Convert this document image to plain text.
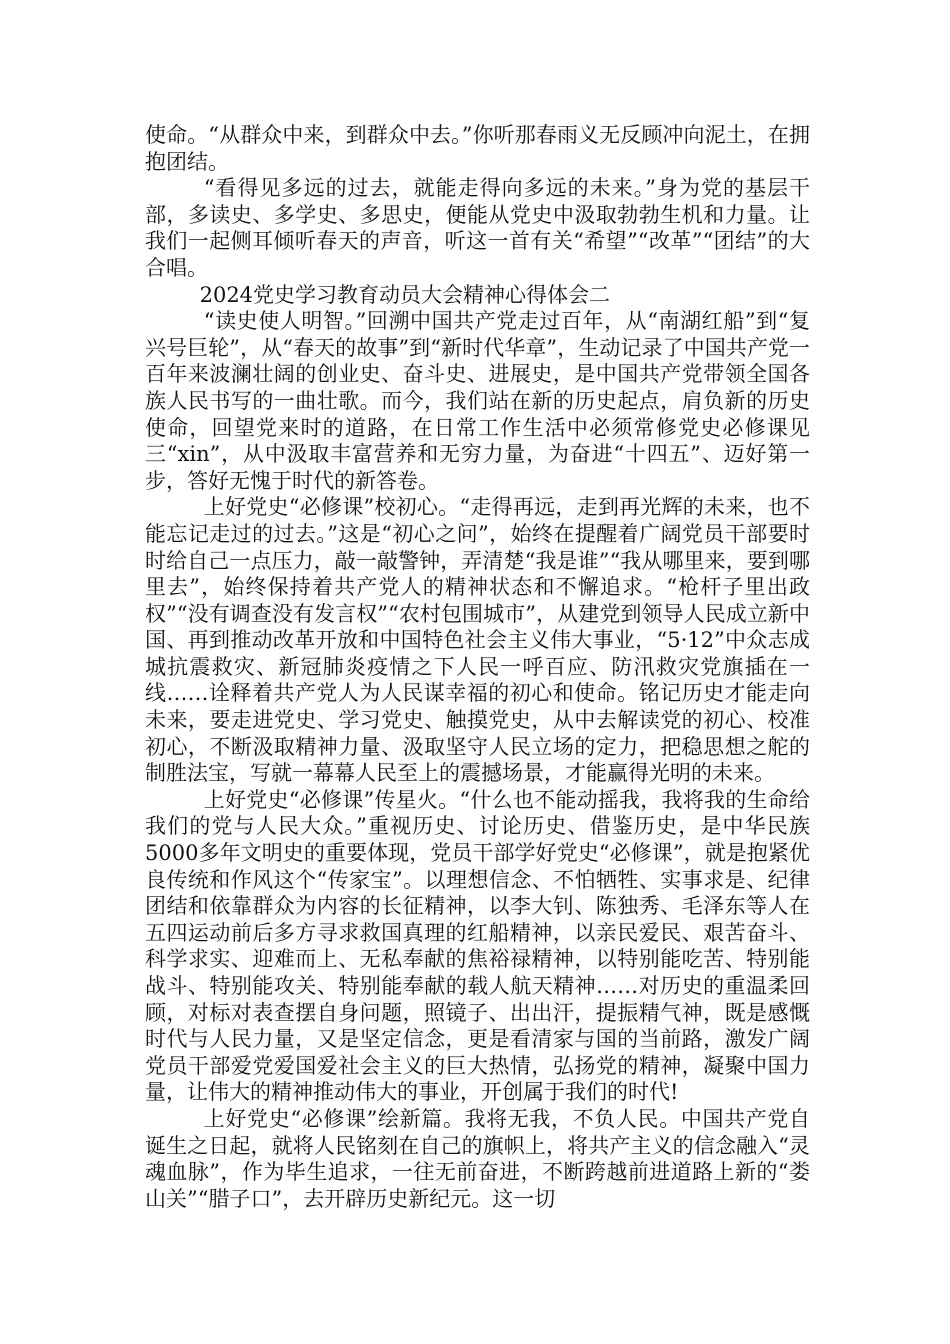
使命。“从群众中来，到群众中去。”你听那春雨义无反顾冲向泥土，在拥抱团结。

“看得见多远的过去，就能走得向多远的未来。”身为党的基层干部，多读史、多学史、多思史，便能从党史中汲取勃勃生机和力量。让我们一起侧耳倾听春天的声音，听这一首有关“希望”“改革”“团结”的大合唱。

2024党史学习教育动员大会精神心得体会二

“读史使人明智。”回溯中国共产党走过百年，从“南湖红船”到“复兴号巨轮”，从“春天的故事”到“新时代华章”，生动记录了中国共产党一百年来波澜壮阔的创业史、奋斗史、进展史，是中国共产党带领全国各族人民书写的一曲壮歌。而今，我们站在新的历史起点，肩负新的历史使命，回望党来时的道路，在日常工作生活中必须常修党史必修课见三“xin”，从中汲取丰富营养和无穷力量，为奋进“十四五”、迈好第一步，答好无愧于时代的新答卷。

上好党史“必修课”校初心。“走得再远，走到再光辉的未来，也不能忘记走过的过去。”这是“初心之问”，始终在提醒着广阔党员干部要时时给自己一点压力，敲一敲警钟，弄清楚“我是谁”“我从哪里来，要到哪里去”，始终保持着共产党人的精神状态和不懈追求。“枪杆子里出政权”“没有调查没有发言权”“农村包围城市”，从建党到领导人民成立新中国、再到推动改革开放和中国特色社会主义伟大事业，“5·12”中众志成城抗震救灾、新冠肺炎疫情之下人民一呼百应、防汛救灾党旗插在一线……诠释着共产党人为人民谋幸福的初心和使命。铭记历史才能走向未来，要走进党史、学习党史、触摸党史，从中去解读党的初心、校准初心，不断汲取精神力量、汲取坚守人民立场的定力，把稳思想之舵的制胜法宝，写就一幕幕人民至上的震撼场景，才能赢得光明的未来。

上好党史“必修课”传星火。“什么也不能动摇我，我将我的生命给我们的党与人民大众。”重视历史、讨论历史、借鉴历史，是中华民族5000多年文明史的重要体现，党员干部学好党史“必修课”，就是抱紧优良传统和作风这个“传家宝”。以理想信念、不怕牺牲、实事求是、纪律团结和依靠群众为内容的长征精神，以李大钊、陈独秀、毛泽东等人在五四运动前后多方寻求救国真理的红船精神，以亲民爱民、艰苦奋斗、科学求实、迎难而上、无私奉献的焦裕禄精神，以特别能吃苦、特别能战斗、特别能攻关、特别能奉献的载人航天精神……对历史的重温柔回顾，对标对表查摆自身问题，照镜子、出出汗，提振精气神，既是感慨时代与人民力量，又是坚定信念，更是看清家与国的当前路，激发广阔党员干部爱党爱国爱社会主义的巨大热情，弘扬党的精神，凝聚中国力量，让伟大的精神推动伟大的事业，开创属于我们的时代!

上好党史“必修课”绘新篇。我将无我，不负人民。中国共产党自诞生之日起，就将人民铭刻在自己的旗帜上，将共产主义的信念融入“灵魂血脉”，作为毕生追求，一往无前奋进，不断跨越前进道路上新的“娄山关”“腊子口”，去开辟历史新纪元。这一切
